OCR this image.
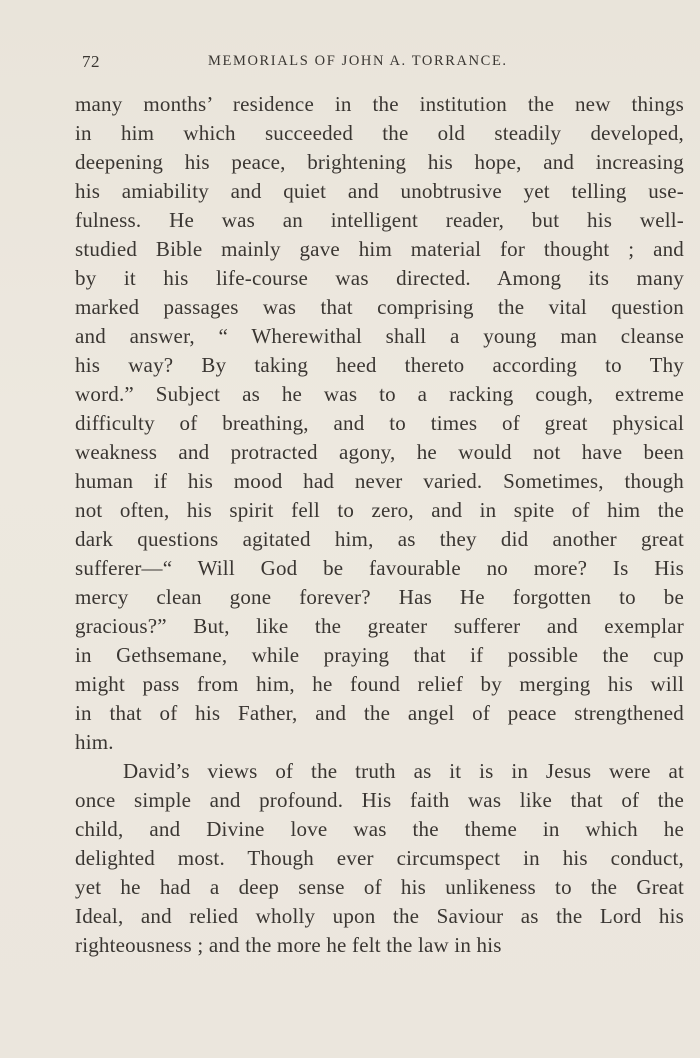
72	MEMORIALS OF JOHN A. TORRANCE.
many months’ residence in the institution the new things
in him which succeeded the old steadily developed,
deepening his peace, brightening his hope, and increasing
his amiability and quiet and unobtrusive yet telling use-
fulness. He was an intelligent reader, but his well-
studied Bible mainly gave him material for thought ; and
by it his life-course was directed. Among its many
marked passages was that comprising the vital question
and answer, “ Wherewithal shall a young man cleanse
his way? By taking heed thereto according to Thy
word.” Subject as he was to a racking cough, extreme
difficulty of breathing, and to times of great physical
weakness and protracted agony, he would not have been
human if his mood had never varied. Sometimes, though
not often, his spirit fell to zero, and in spite of him the
dark questions agitated him, as they did another great
sufferer—“ Will God be favourable no more? Is His
mercy clean gone forever? Has He forgotten to be
gracious?” But, like the greater sufferer and exemplar
in Gethsemane, while praying that if possible the cup
might pass from him, he found relief by merging his will
in that of his Father, and the angel of peace strengthened
him.
David’s views of the truth as it is in Jesus were at
once simple and profound. His faith was like that of the
child, and Divine love was the theme in which he
delighted most. Though ever circumspect in his conduct,
yet he had a deep sense of his unlikeness to the Great
Ideal, and relied wholly upon the Saviour as the Lord his
righteousness ; and the more he felt the law in his
